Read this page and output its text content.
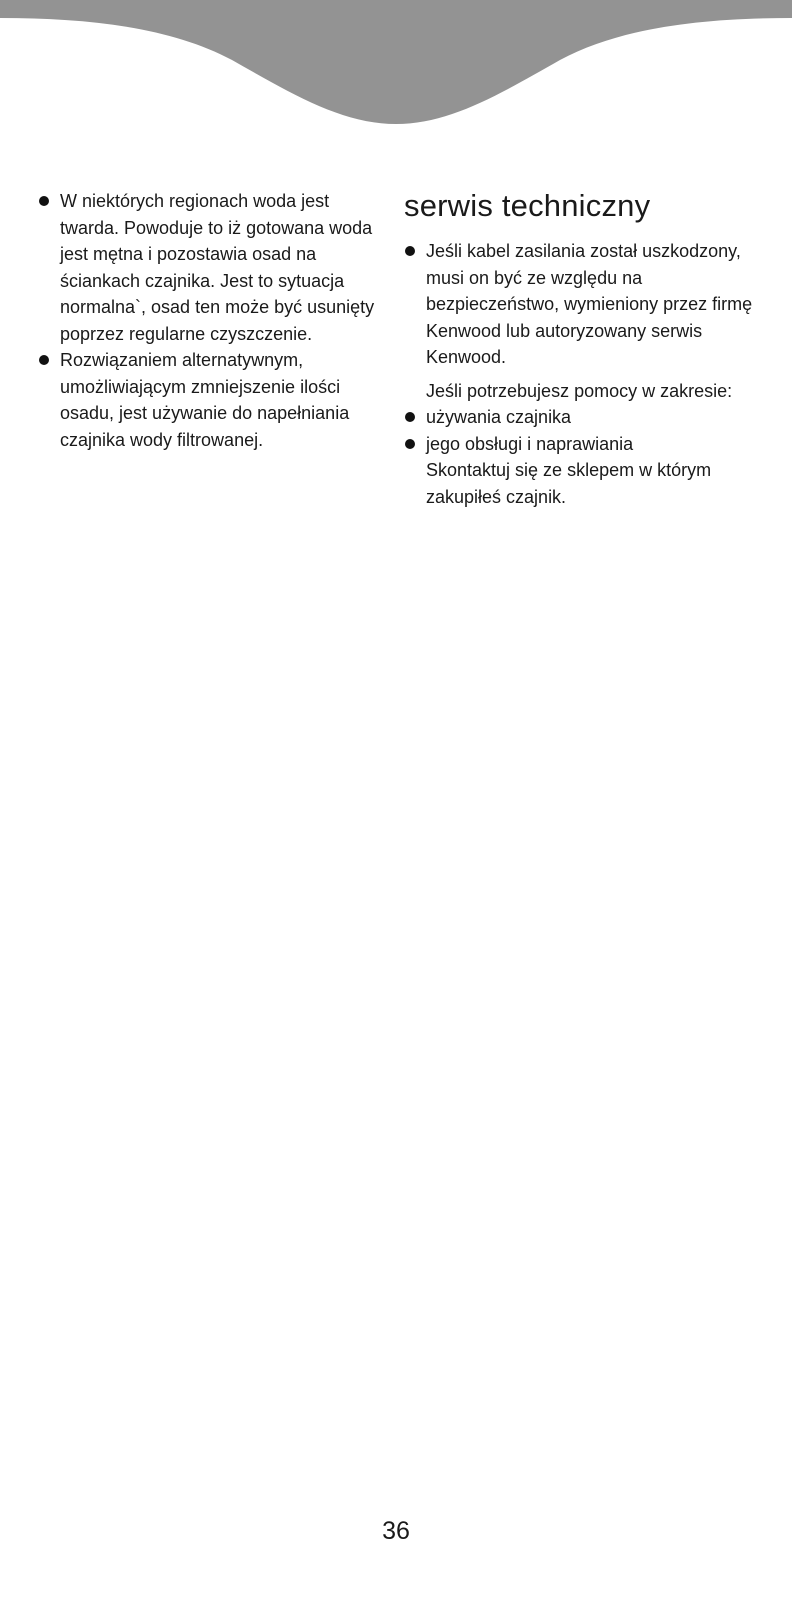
W niektórych regionach woda jest twarda. Powoduje to iż gotowana woda jest mętna i pozostawia osad na ściankach czajnika. Jest to sytuacja normalna`, osad ten może być usunięty poprzez regularne czyszczenie.
Rozwiązaniem alternatywnym, umożliwiającym zmniejszenie ilości osadu, jest używanie do napełniania czajnika wody filtrowanej.
serwis techniczny
Jeśli kabel zasilania został uszkodzony, musi on być ze względu na bezpieczeństwo, wymieniony przez firmę Kenwood lub autoryzowany serwis Kenwood.

Jeśli potrzebujesz pomocy w zakresie:

używania czajnika
jego obsługi i naprawiania

Skontaktuj się ze sklepem w którym zakupiłeś czajnik.

36
